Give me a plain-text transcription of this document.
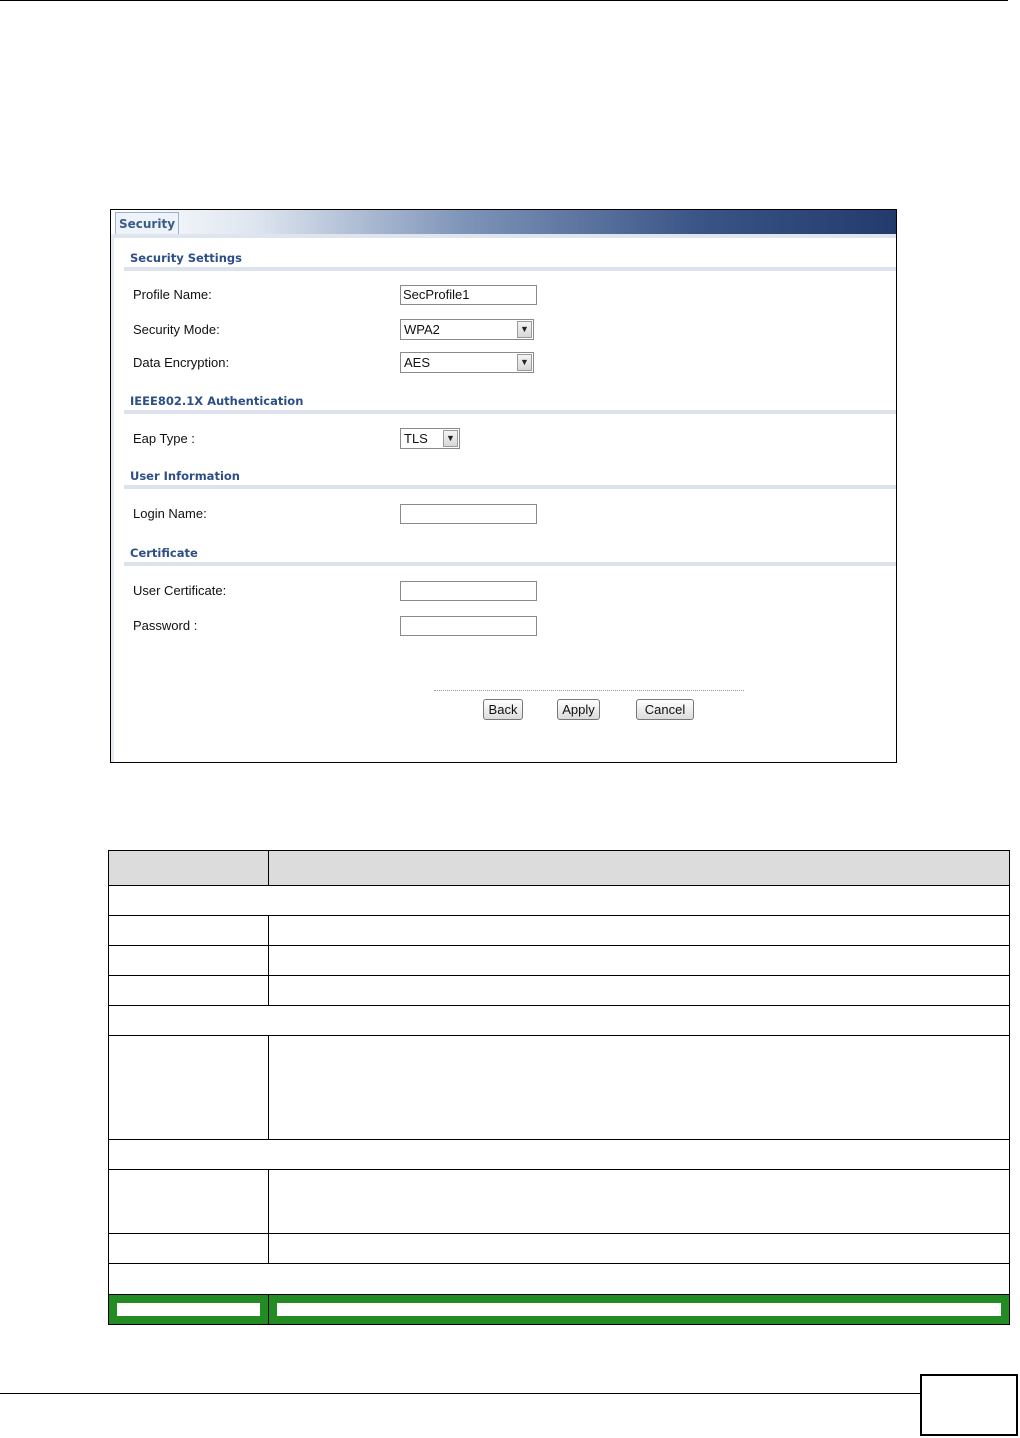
Security
Security Settings
Profile Name:	SecProfile1
Security Mode:	WPA2	▼
Data Encryption:	AES	▼
IEEE802.1X Authentication
Eap Type :	TLS	▼
User Information
Login Name:
Certificate
User Certificate:
Password :
Back	Apply	Cancel
